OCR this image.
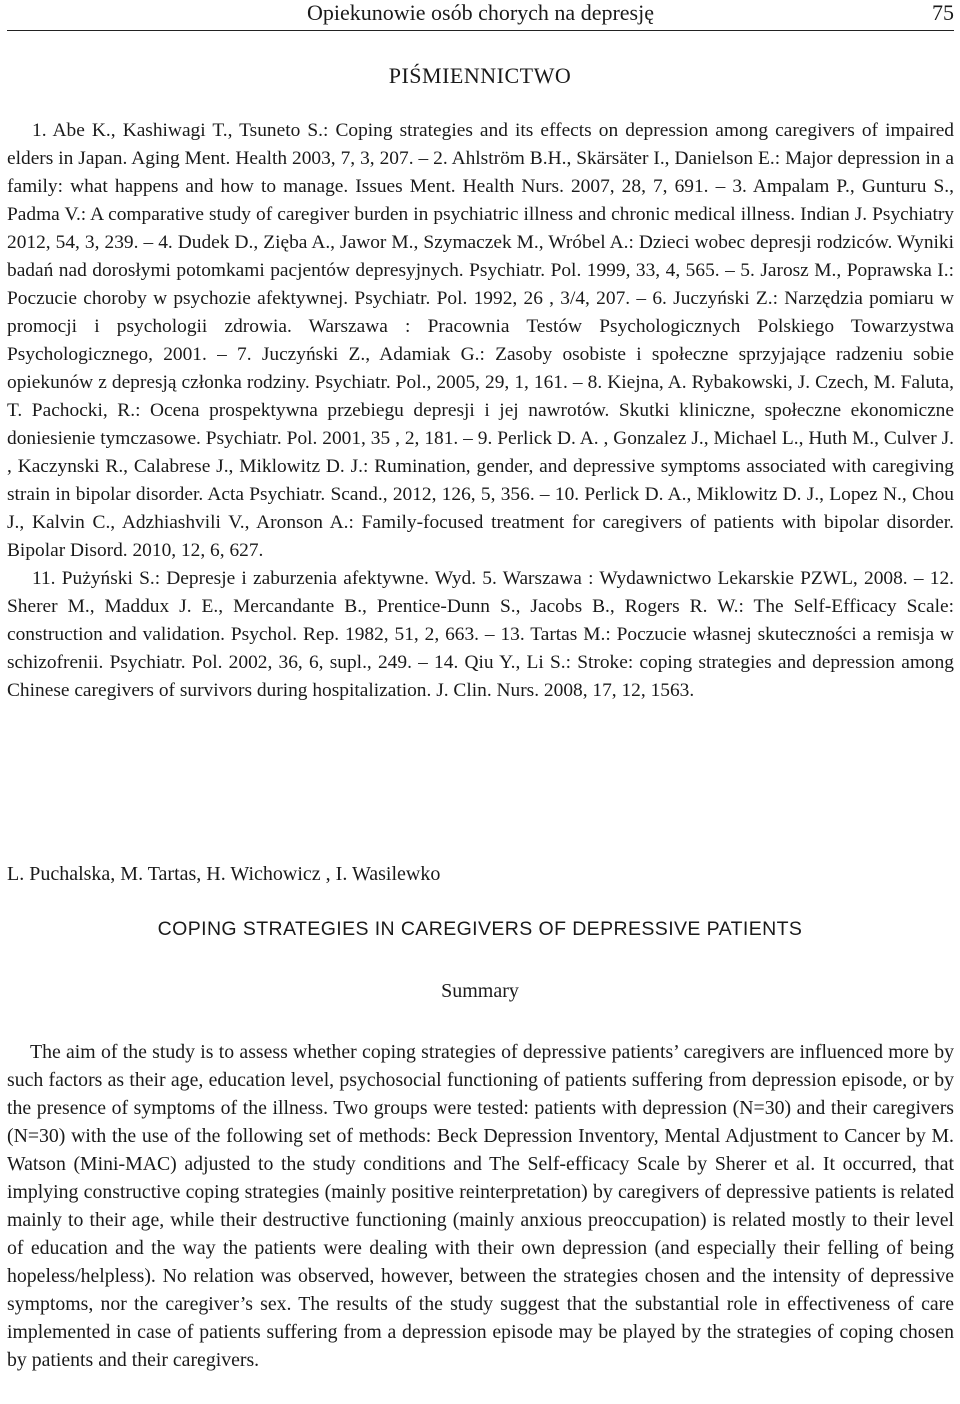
Opiekunowie osób chorych na depresję	75
PIŚMIENNICTWO

1. Abe K., Kashiwagi T., Tsuneto S.: Coping strategies and its effects on depression among caregivers of impaired elders in Japan. Aging Ment. Health 2003, 7, 3, 207. – 2. Ahlström B.H., Skärsäter I., Danielson E.: Major depression in a family: what happens and how to manage. Issues Ment. Health Nurs. 2007, 28, 7, 691. – 3. Ampalam P., Gunturu S., Padma V.: A comparative study of caregiver burden in psychiatric illness and chronic medical illness. Indian J. Psychiatry 2012, 54, 3, 239. – 4. Dudek D., Zięba A., Jawor M., Szymaczek M., Wróbel A.: Dzieci wobec depresji rodziców. Wyniki badań nad dorosłymi potomkami pacjentów depresyjnych. Psychiatr. Pol. 1999, 33, 4, 565. – 5. Jarosz M., Poprawska I.: Poczucie choroby w psychozie afektywnej. Psychiatr. Pol. 1992, 26 , 3/4, 207. – 6. Juczyński Z.: Narzędzia pomiaru w promocji i psychologii zdrowia. Warszawa : Pracownia Testów Psychologicznych Polskiego Towarzystwa Psychologicznego, 2001. – 7. Juczyński Z., Adamiak G.: Zasoby osobiste i społeczne sprzyjające radzeniu sobie opiekunów z depresją członka rodziny. Psychiatr. Pol., 2005, 29, 1, 161. – 8. Kiejna, A. Rybakowski, J. Czech, M. Faluta, T. Pachocki, R.: Ocena prospektywna przebiegu depresji i jej nawrotów. Skutki kliniczne, społeczne ekonomiczne doniesienie tymczasowe. Psychiatr. Pol. 2001, 35 , 2, 181. – 9. Perlick D. A. , Gonzalez J., Michael L., Huth M., Culver J. , Kaczynski R., Calabrese J., Miklowitz D. J.: Rumination, gender, and depressive symptoms associated with caregiving strain in bipolar disorder. Acta Psychiatr. Scand., 2012, 126, 5, 356. – 10. Perlick D. A., Miklowitz D. J., Lopez N., Chou J., Kalvin C., Adzhiashvili V., Aronson A.: Family-focused treatment for caregivers of patients with bipolar disorder. Bipolar Disord. 2010, 12, 6, 627.

11. Pużyński S.: Depresje i zaburzenia afektywne. Wyd. 5. Warszawa : Wydawnictwo Lekarskie PZWL, 2008. – 12. Sherer M., Maddux J. E., Mercandante B., Prentice-Dunn S., Jacobs B., Rogers R. W.: The Self-Efficacy Scale: construction and validation. Psychol. Rep. 1982, 51, 2, 663. – 13. Tartas M.: Poczucie własnej skuteczności a remisja w schizofrenii. Psychiatr. Pol. 2002, 36, 6, supl., 249. – 14. Qiu Y., Li S.: Stroke: coping strategies and depression among Chinese caregivers of survivors during hospitalization. J. Clin. Nurs. 2008, 17, 12, 1563.

L. Puchalska, M. Tartas, H. Wichowicz , I. Wasilewko
COPING STRATEGIES IN CAREGIVERS OF DEPRESSIVE PATIENTS
Summary

The aim of the study is to assess whether coping strategies of depressive patients’ caregivers are influenced more by such factors as their age, education level, psychosocial functioning of patients suffering from depression episode, or by the presence of symptoms of the illness. Two groups were tested: patients with depression (N=30) and their caregivers (N=30) with the use of the following set of methods: Beck Depression Inventory, Mental Adjustment to Cancer by M. Watson (Mini-MAC) adjusted to the study conditions and The Self-efficacy Scale by Sherer et al. It occurred, that implying constructive coping strategies (mainly positive reinterpretation) by caregivers of depressive patients is related mainly to their age, while their destructive functioning (mainly anxious preoccupation) is related mostly to their level of education and the way the patients were dealing with their own depression (and especially their felling of being hopeless/helpless). No relation was observed, however, between the strategies chosen and the intensity of depressive symptoms, nor the caregiver’s sex. The results of the study suggest that the substantial role in effectiveness of care implemented in case of patients suffering from a depression episode may be played by the strategies of coping chosen by patients and their caregivers.
